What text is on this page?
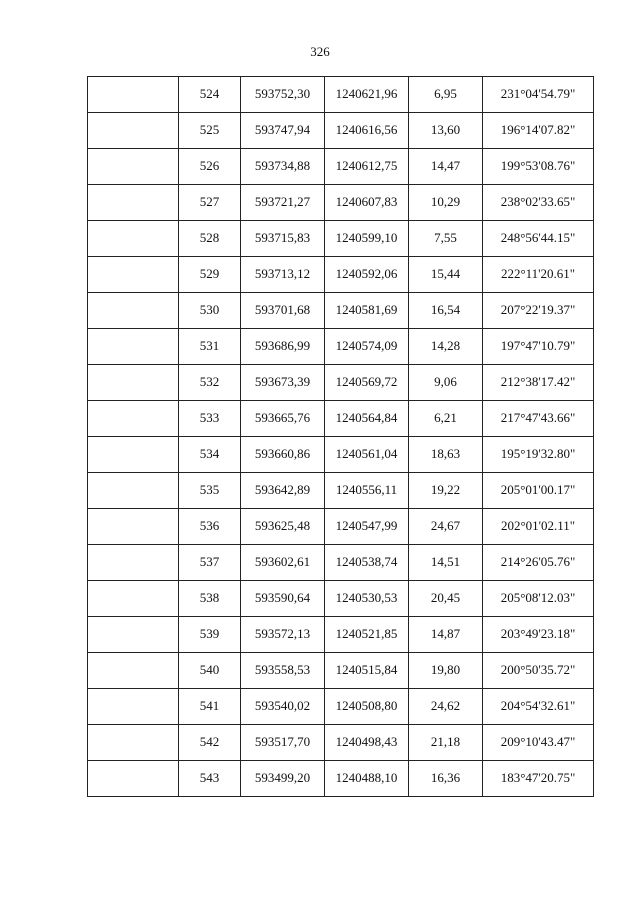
326
	524	593752,30	1240621,96	6,95	231°04'54.79"
	525	593747,94	1240616,56	13,60	196°14'07.82"
	526	593734,88	1240612,75	14,47	199°53'08.76"
	527	593721,27	1240607,83	10,29	238°02'33.65"
	528	593715,83	1240599,10	7,55	248°56'44.15"
	529	593713,12	1240592,06	15,44	222°11'20.61"
	530	593701,68	1240581,69	16,54	207°22'19.37"
	531	593686,99	1240574,09	14,28	197°47'10.79"
	532	593673,39	1240569,72	9,06	212°38'17.42"
	533	593665,76	1240564,84	6,21	217°47'43.66"
	534	593660,86	1240561,04	18,63	195°19'32.80"
	535	593642,89	1240556,11	19,22	205°01'00.17"
	536	593625,48	1240547,99	24,67	202°01'02.11"
	537	593602,61	1240538,74	14,51	214°26'05.76"
	538	593590,64	1240530,53	20,45	205°08'12.03"
	539	593572,13	1240521,85	14,87	203°49'23.18"
	540	593558,53	1240515,84	19,80	200°50'35.72"
	541	593540,02	1240508,80	24,62	204°54'32.61"
	542	593517,70	1240498,43	21,18	209°10'43.47"
	543	593499,20	1240488,10	16,36	183°47'20.75"
